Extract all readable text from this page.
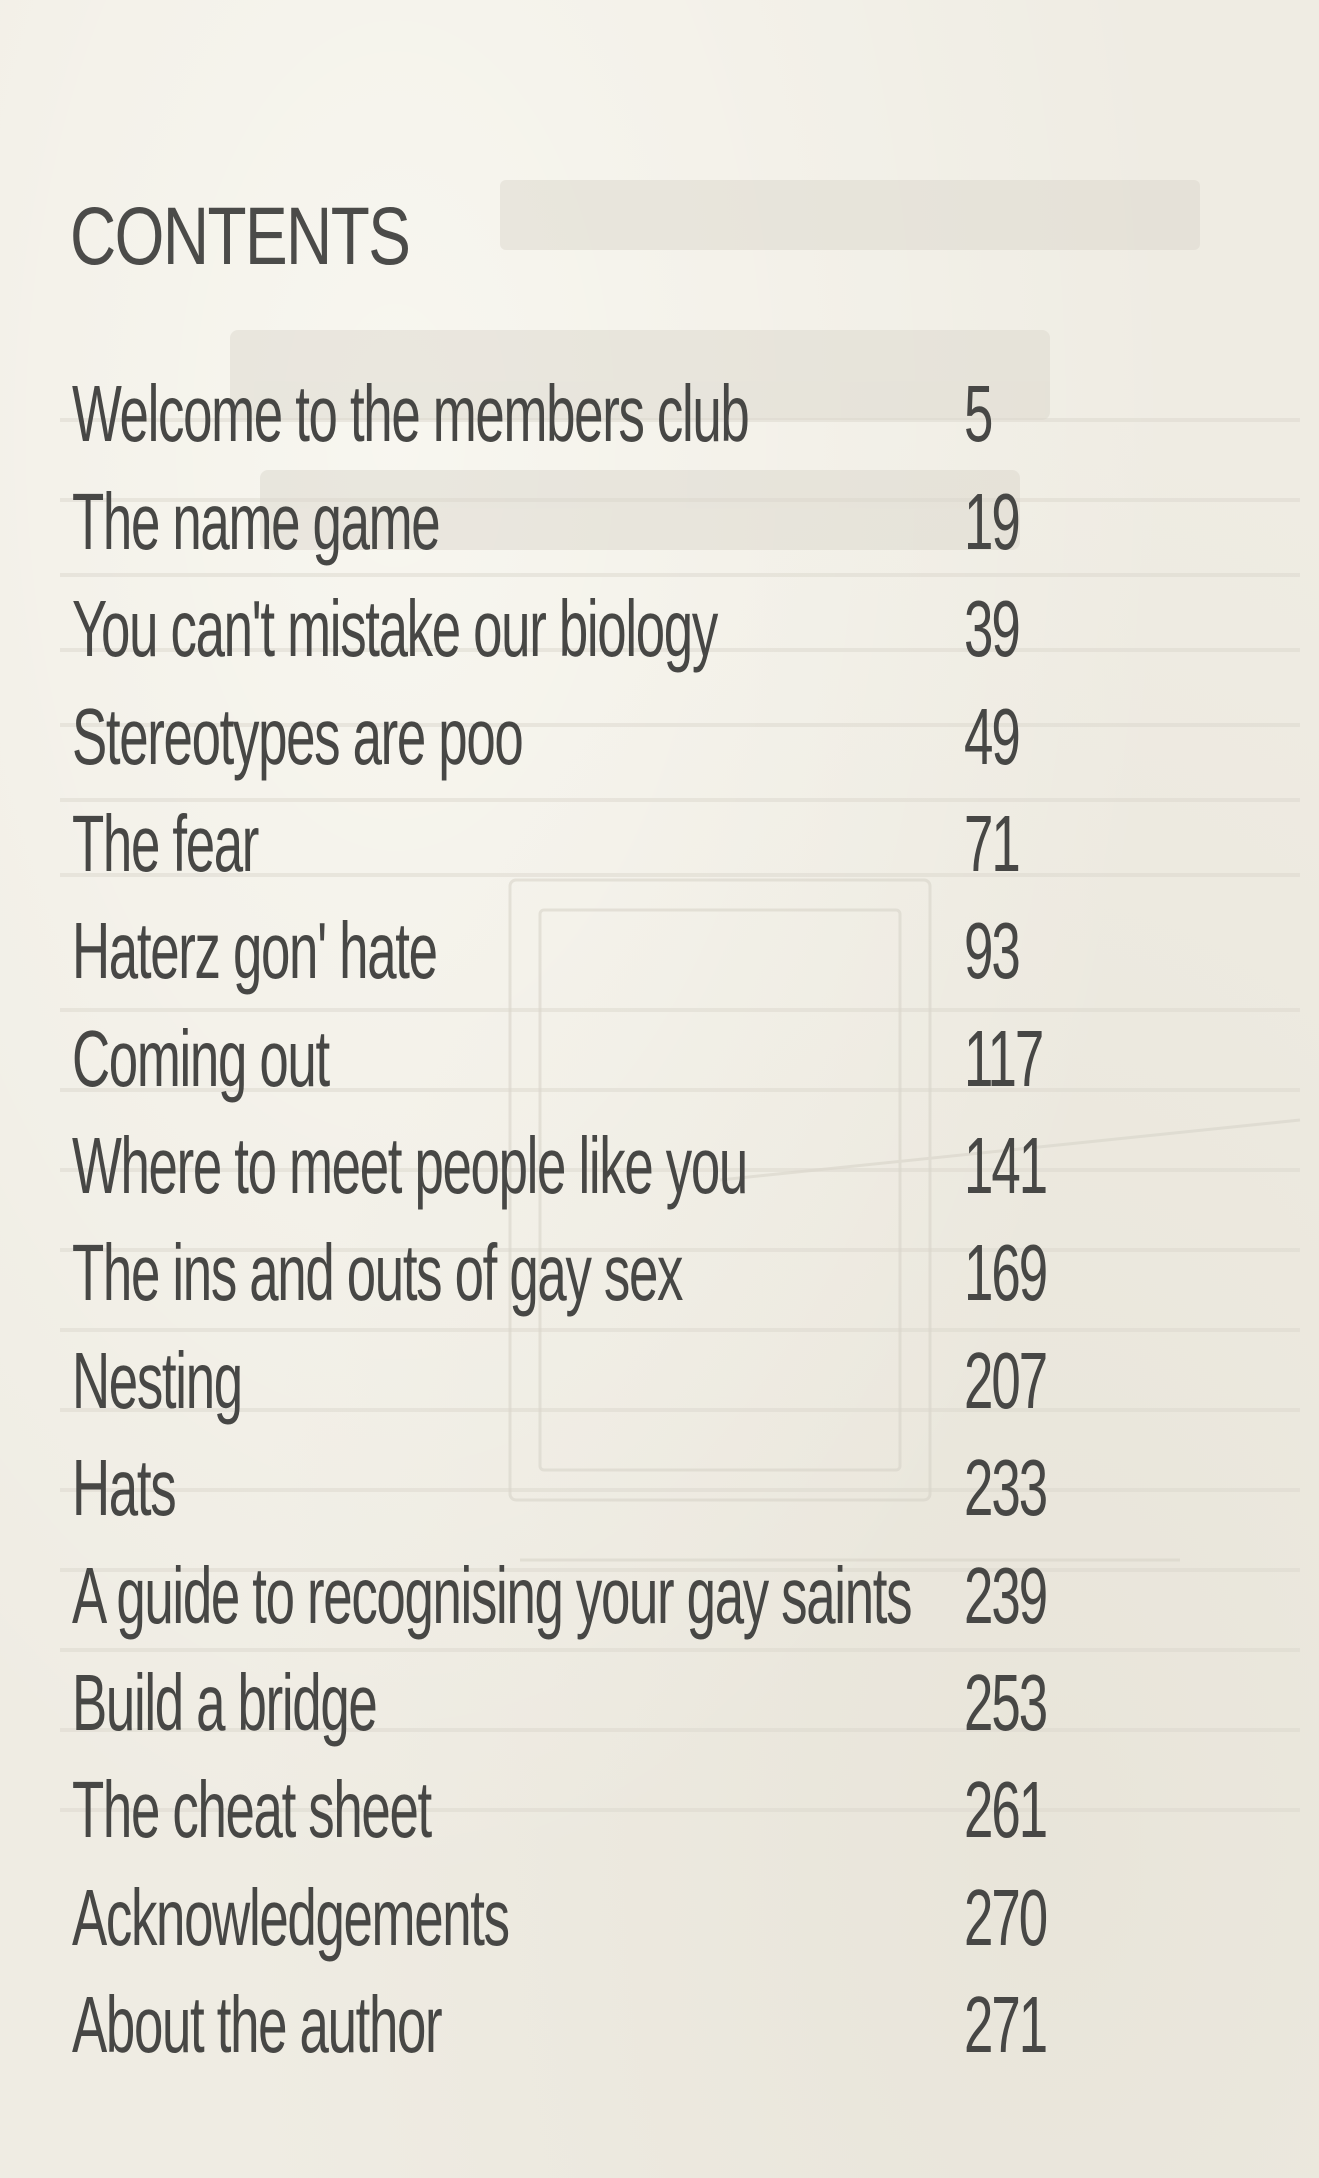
CONTENTS
Welcome to the members club	5
The name game	19
You can't mistake our biology	39
Stereotypes are poo	49
The fear	71
Haterz gon' hate	93
Coming out	117
Where to meet people like you	141
The ins and outs of gay sex	169
Nesting	207
Hats	233
A guide to recognising your gay saints 239
Build a bridge	253
The cheat sheet	261
Acknowledgements	270
About the author	271
